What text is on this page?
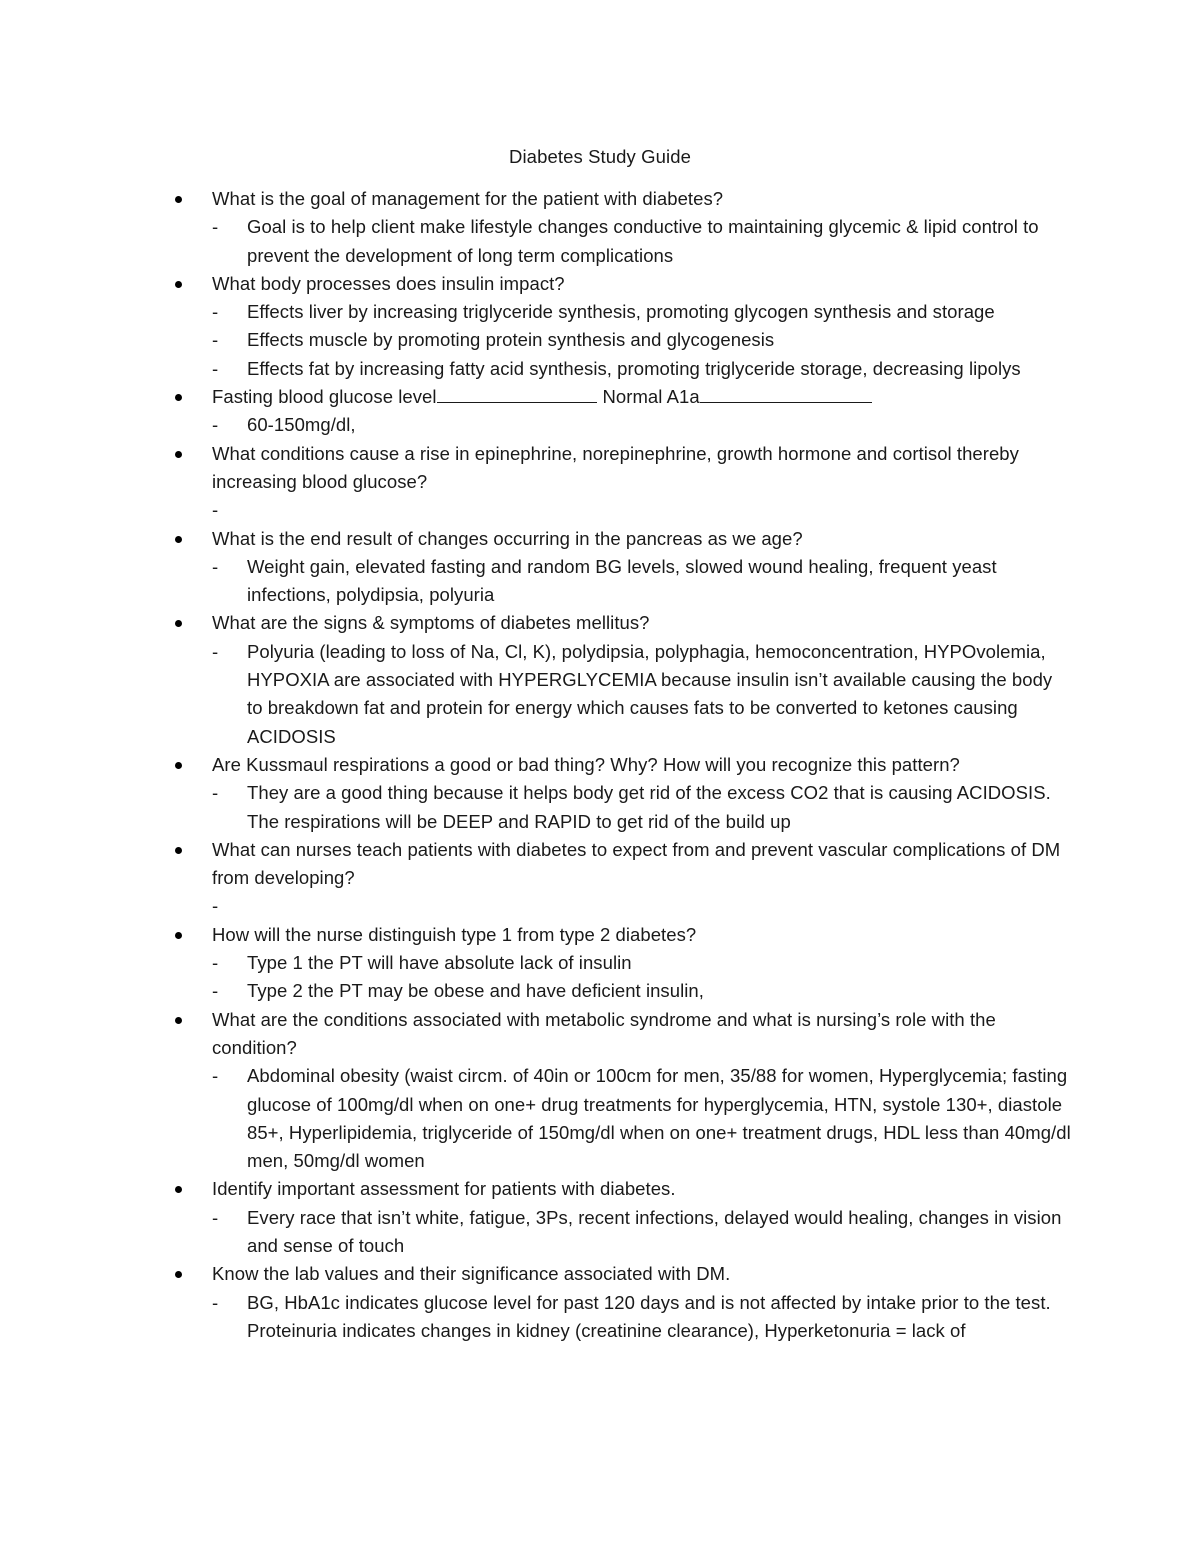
Diabetes Study Guide
What is the goal of management for the patient with diabetes?
- Goal is to help client make lifestyle changes conductive to maintaining glycemic & lipid control to prevent the development of long term complications
What body processes does insulin impact?
- Effects liver by increasing triglyceride synthesis, promoting glycogen synthesis and storage
- Effects muscle by promoting protein synthesis and glycogenesis
- Effects fat by increasing fatty acid synthesis, promoting triglyceride storage, decreasing lipolys
Fasting blood glucose level	Normal A1a
- 60-150mg/dl,
What conditions cause a rise in epinephrine, norepinephrine, growth hormone and cortisol thereby increasing blood glucose?
-

What is the end result of changes occurring in the pancreas as we age?
- Weight gain, elevated fasting and random BG levels, slowed wound healing, frequent yeast infections, polydipsia, polyuria
What are the signs & symptoms of diabetes mellitus?
- Polyuria (leading to loss of Na, Cl, K), polydipsia, polyphagia, hemoconcentration, HYPOvolemia, HYPOXIA are associated with HYPERGLYCEMIA because insulin isn’t available causing the body to breakdown fat and protein for energy which causes fats to be converted to ketones causing ACIDOSIS
Are Kussmaul respirations a good or bad thing? Why? How will you recognize this pattern?
- They are a good thing because it helps body get rid of the excess CO2 that is causing ACIDOSIS. The respirations will be DEEP and RAPID to get rid of the build up
What can nurses teach patients with diabetes to expect from and prevent vascular complications of DM from developing?
-

How will the nurse distinguish type 1 from type 2 diabetes?
- Type 1 the PT will have absolute lack of insulin
- Type 2 the PT may be obese and have deficient insulin,
What are the conditions associated with metabolic syndrome and what is nursing’s role with the condition?
- Abdominal obesity (waist circm. of 40in or 100cm for men, 35/88 for women, Hyperglycemia; fasting glucose of 100mg/dl when on one+ drug treatments for hyperglycemia, HTN, systole 130+, diastole 85+, Hyperlipidemia, triglyceride of 150mg/dl when on one+ treatment drugs, HDL less than 40mg/dl men, 50mg/dl women
Identify important assessment for patients with diabetes.
- Every race that isn’t white, fatigue, 3Ps, recent infections, delayed would healing, changes in vision and sense of touch
Know the lab values and their significance associated with DM.
- BG, HbA1c indicates glucose level for past 120 days and is not affected by intake prior to the test. Proteinuria indicates changes in kidney (creatinine clearance), Hyperketonuria = lack of
